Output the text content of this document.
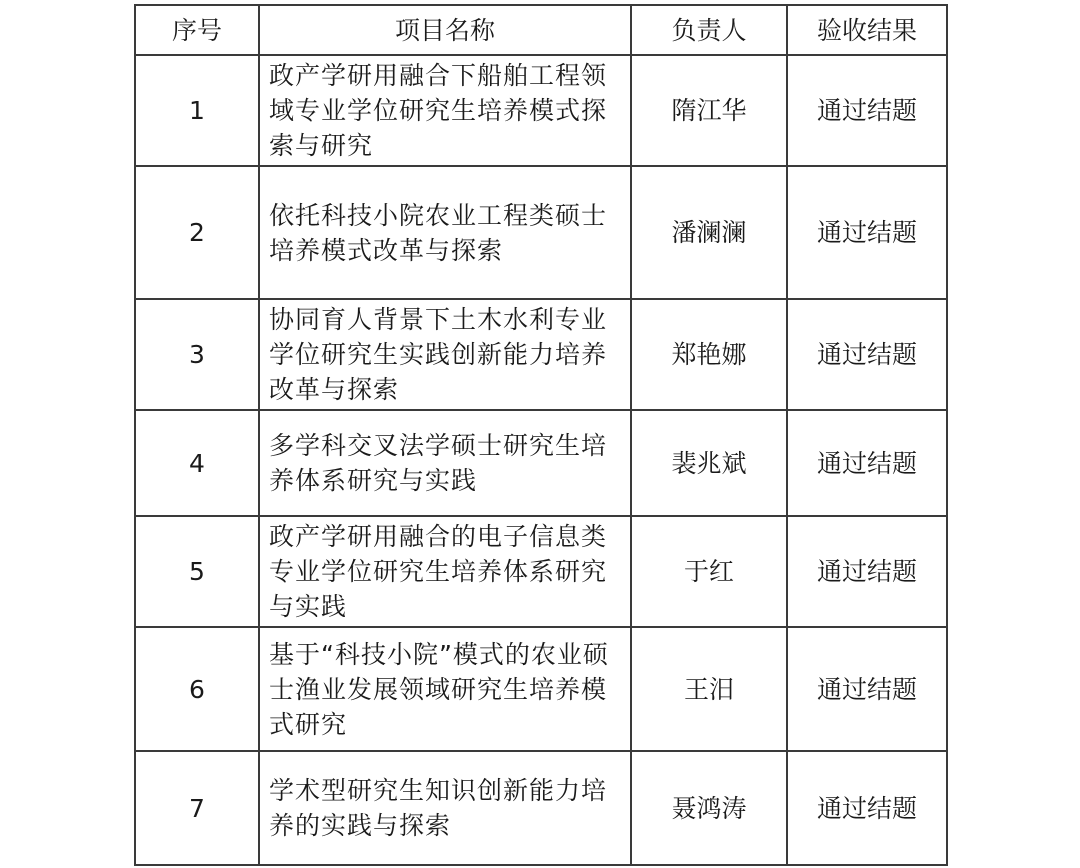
序号	项目名称	负责人	验收结果
1	政产学研用融合下船舶工程领域专业学位研究生培养模式探索与研究	隋江华	通过结题
2	依托科技小院农业工程类硕士培养模式改革与探索	潘澜澜	通过结题
3	协同育人背景下土木水利专业学位研究生实践创新能力培养改革与探索	郑艳娜	通过结题
4	多学科交叉法学硕士研究生培养体系研究与实践	裴兆斌	通过结题
5	政产学研用融合的电子信息类专业学位研究生培养体系研究与实践	于红	通过结题
6	基于“科技小院”模式的农业硕士渔业发展领域研究生培养模式研究	王汨	通过结题
7	学术型研究生知识创新能力培养的实践与探索	聂鸿涛	通过结题
